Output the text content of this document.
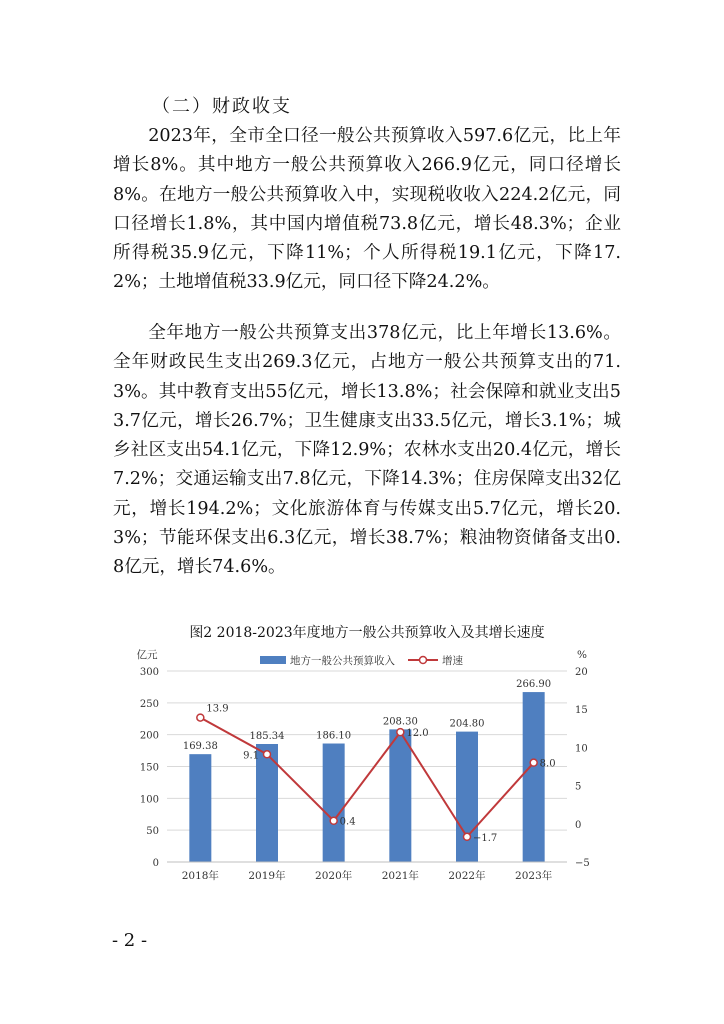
（二）财政收支

2023年，全市全口径一般公共预算收入597.6亿元，比上年增长8%。其中地方一般公共预算收入266.9亿元，同口径增长8%。在地方一般公共预算收入中，实现税收收入224.2亿元，同口径增长1.8%，其中国内增值税73.8亿元，增长48.3%；企业所得税35.9亿元，下降11%；个人所得税19.1亿元，下降17.2%；土地增值税33.9亿元，同口径下降24.2%。

全年地方一般公共预算支出378亿元，比上年增长13.6%。全年财政民生支出269.3亿元，占地方一般公共预算支出的71.3%。其中教育支出55亿元，增长13.8%；社会保障和就业支出53.7亿元，增长26.7%；卫生健康支出33.5亿元，增长3.1%；城乡社区支出54.1亿元，下降12.9%；农林水支出20.4亿元，增长7.2%；交通运输支出7.8亿元，下降14.3%；住房保障支出32亿元，增长194.2%；文化旅游体育与传媒支出5.7亿元，增长20.3%；节能环保支出6.3亿元，增长38.7%；粮油物资储备支出0.8亿元，增长74.6%。

图2 2018-2023年度地方一般公共预算收入及其增长速度
0
50
100
150
200
250
300
亿元
−5
0
5
10
15
20
%
169.38
185.34	186.10
208.30	204.80
266.90
13.9
9.1
0.4
12.0
−1.7
8.0
2018年	2019年	2020年	2021年	2022年	2023年
地方一般公共预算收入	增速
- 2 -
